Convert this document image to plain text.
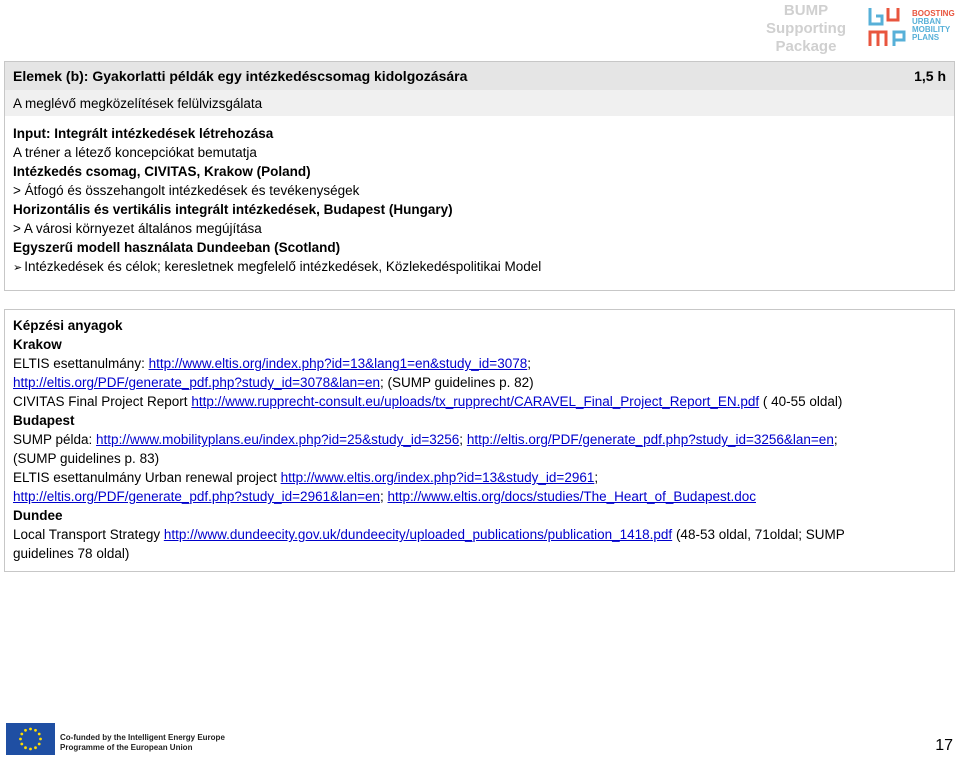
BUMP
Supporting
Package
BOOSTING
URBAN
MOBILITY
PLANS
Elemek (b): Gyakorlatti példák egy intézkedéscsomag kidolgozására	1,5 h
A meglévő megközelítések felülvizsgálata
Input: Integrált intézkedések létrehozása
A tréner a létező koncepciókat bemutatja
Intézkedés csomag, CIVITAS, Krakow (Poland)
> Átfogó és összehangolt intézkedések és tevékenységek
Horizontális és vertikális integrált intézkedések, Budapest (Hungary)
> A városi környezet általános megújítása
Egyszerű modell használata Dundeeban (Scotland)
➢ Intézkedések és célok; keresletnek megfelelő intézkedések, Közlekedéspolitikai Model
Képzési anyagok
Krakow
ELTIS esettanulmány: http://www.eltis.org/index.php?id=13&lang1=en&study_id=3078;
http://eltis.org/PDF/generate_pdf.php?study_id=3078&lan=en; (SUMP guidelines p. 82)
CIVITAS Final Project Report http://www.rupprecht-consult.eu/uploads/tx_rupprecht/CARAVEL_Final_Project_Report_EN.pdf ( 40-55 oldal)
Budapest
SUMP példa: http://www.mobilityplans.eu/index.php?id=25&study_id=3256; http://eltis.org/PDF/generate_pdf.php?study_id=3256&lan=en;
(SUMP guidelines p. 83)
ELTIS esettanulmány Urban renewal project http://www.eltis.org/index.php?id=13&study_id=2961;
http://eltis.org/PDF/generate_pdf.php?study_id=2961&lan=en; http://www.eltis.org/docs/studies/The_Heart_of_Budapest.doc
Dundee
Local Transport Strategy http://www.dundeecity.gov.uk/dundeecity/uploaded_publications/publication_1418.pdf (48-53 oldal, 71oldal; SUMP
guidelines 78 oldal)
Co-funded by the Intelligent Energy Europe
Programme of the European Union	17
